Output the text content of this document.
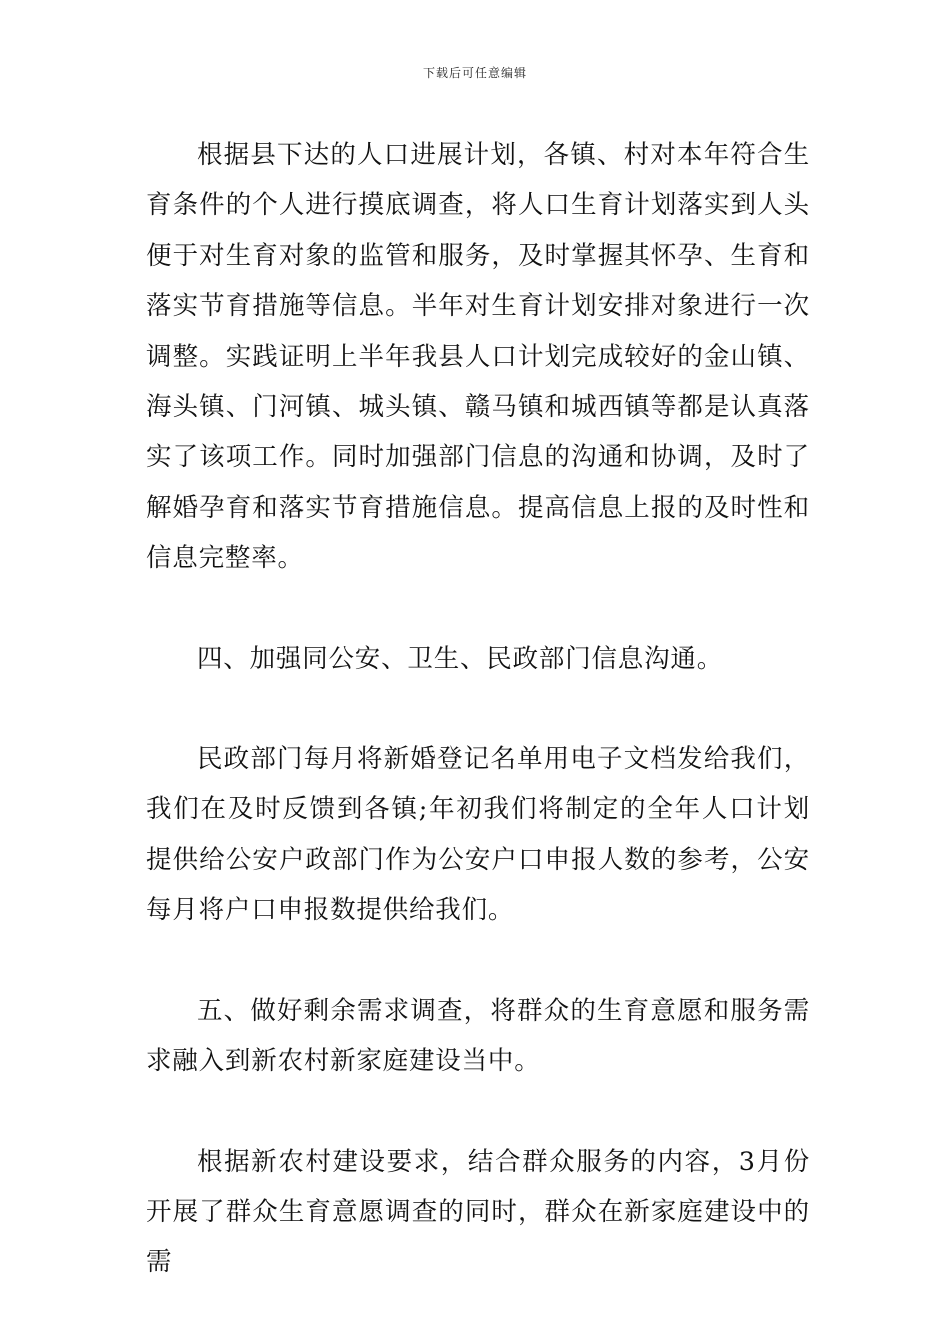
下载后可任意编辑

根据县下达的人口进展计划，各镇、村对本年符合生育条件的个人进行摸底调查，将人口生育计划落实到人头便于对生育对象的监管和服务，及时掌握其怀孕、生育和落实节育措施等信息。半年对生育计划安排对象进行一次调整。实践证明上半年我县人口计划完成较好的金山镇、海头镇、门河镇、城头镇、赣马镇和城西镇等都是认真落实了该项工作。同时加强部门信息的沟通和协调，及时了解婚孕育和落实节育措施信息。提高信息上报的及时性和信息完整率。

四、加强同公安、卫生、民政部门信息沟通。

民政部门每月将新婚登记名单用电子文档发给我们，我们在及时反馈到各镇;年初我们将制定的全年人口计划提供给公安户政部门作为公安户口申报人数的参考，公安每月将户口申报数提供给我们。

五、做好剩余需求调查，将群众的生育意愿和服务需求融入到新农村新家庭建设当中。

根据新农村建设要求，结合群众服务的内容，3月份开展了群众生育意愿调查的同时，群众在新家庭建设中的需
